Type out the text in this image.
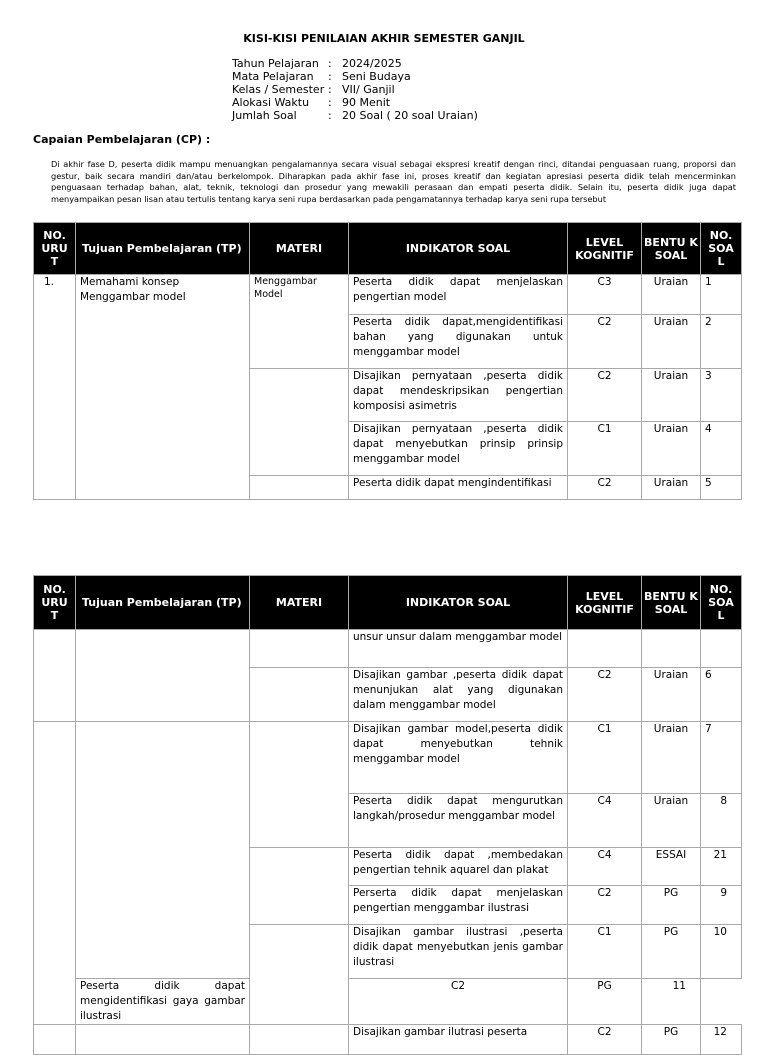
KISI-KISI PENILAIAN AKHIR SEMESTER GANJIL
Tahun Pelajaran : 2024/2025
Mata Pelajaran	: Seni Budaya
Kelas / Semester : VII/ Ganjil
Alokasi Waktu	: 90 Menit
Jumlah Soal	: 20 Soal ( 20 soal Uraian)
Capaian Pembelajaran (CP) :
Di akhir fase D, peserta didik mampu menuangkan pengalamannya secara visual sebagai ekspresi kreatif dengan rinci, ditandai penguasaan ruang, proporsi dan gestur, baik secara mandiri dan/atau berkelompok. Diharapkan pada akhir fase ini, proses kreatif dan kegiatan apresiasi peserta didik telah mencerminkan penguasaan terhadap bahan, alat, teknik, teknologi dan prosedur yang mewakili perasaan dan empati peserta didik. Selain itu, peserta didik juga dapat menyampaikan pesan lisan atau tertulis tentang karya seni rupa berdasarkan pada pengamatannya terhadap karya seni rupa tersebut
NO. URU T	Tujuan Pembelajaran (TP)	MATERI	INDIKATOR SOAL	LEVEL KOGNITIF	BENTU K SOAL	NO. SOA L
1.	Memahami konsep Menggambar model	Menggambar Model	Peserta didik dapat menjelaskan pengertian model	C3	Uraian	1
			Peserta didik dapat,mengidentifikasi bahan yang digunakan untuk menggambar model	C2	Uraian	2
			Disajikan pernyataan ,peserta didik dapat mendeskripsikan pengertian komposisi asimetris	C2	Uraian	3
			Disajikan pernyataan ,peserta didik dapat menyebutkan prinsip prinsip menggambar model	C1	Uraian	4
			Peserta didik dapat mengindentifikasi	C2	Uraian	5
NO. URU T	Tujuan Pembelajaran (TP)	MATERI	INDIKATOR SOAL	LEVEL KOGNITIF	BENTU K SOAL	NO. SOA L
			unsur unsur dalam menggambar model			
			Disajikan gambar ,peserta didik dapat menunjukan alat yang digunakan dalam menggambar model	C2	Uraian	6
			Disajikan gambar model,peserta didik dapat menyebutkan tehnik menggambar model	C1	Uraian	7
			Peserta didik dapat mengurutkan langkah/prosedur menggambar model	C4	Uraian	8
			Peserta didik dapat ,membedakan pengertian tehnik aquarel dan plakat	C4	ESSAI	21
			Perserta didik dapat menjelaskan pengertian menggambar ilustrasi	C2	PG	9
			Disajikan gambar ilustrasi ,peserta didik dapat menyebutkan jenis gambar ilustrasi	C1	PG	10
	Peserta didik dapat mengidentifikasi gaya gambar ilustrasi		C2	PG	11	
			Disajikan gambar ilutrasi peserta	C2	PG	12
